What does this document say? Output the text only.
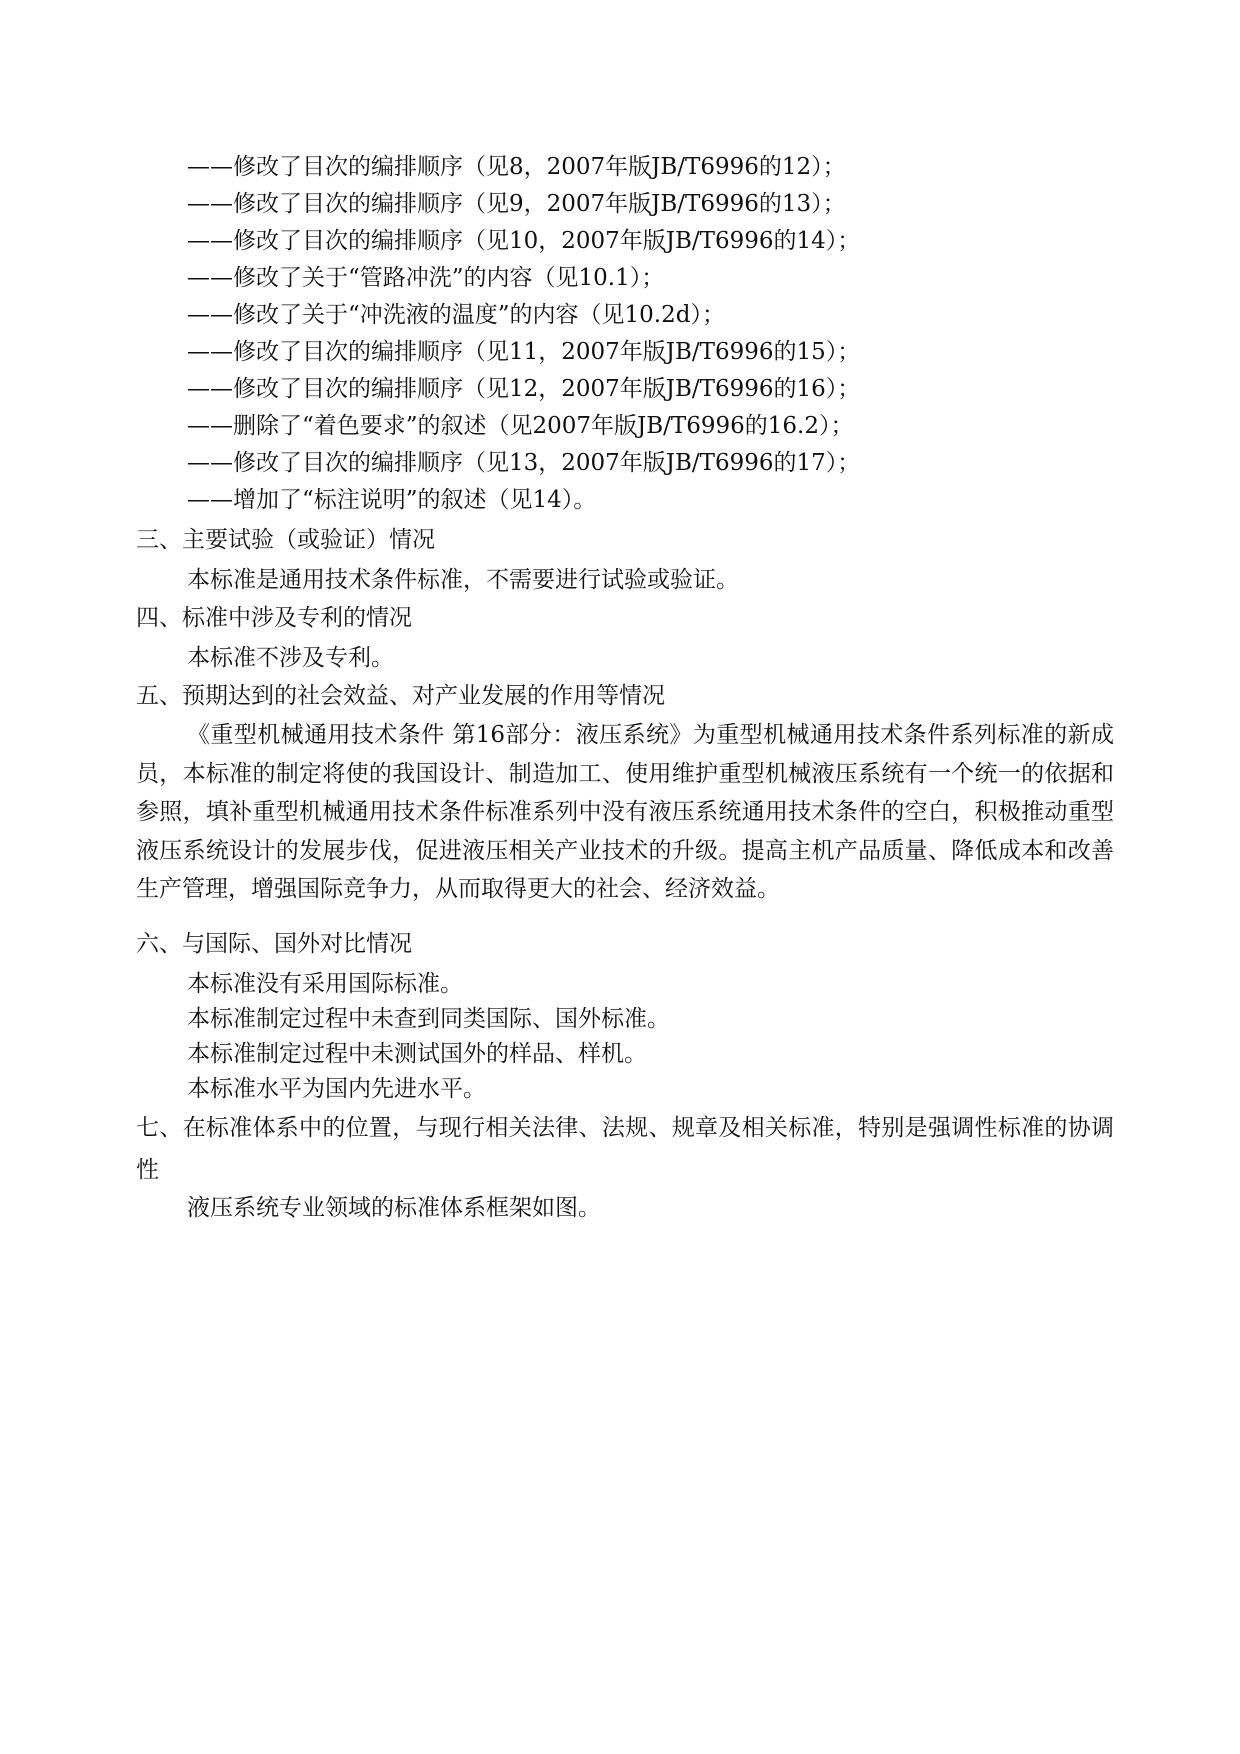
——修改了目次的编排顺序（见8，2007年版JB/T6996的12）；
——修改了目次的编排顺序（见9，2007年版JB/T6996的13）；
——修改了目次的编排顺序（见10，2007年版JB/T6996的14）；
——修改了关于“管路冲洗”的内容（见10.1）；
——修改了关于“冲洗液的温度”的内容（见10.2d）；
——修改了目次的编排顺序（见11，2007年版JB/T6996的15）；
——修改了目次的编排顺序（见12，2007年版JB/T6996的16）；
——删除了“着色要求”的叙述（见2007年版JB/T6996的16.2）；
——修改了目次的编排顺序（见13，2007年版JB/T6996的17）；
——增加了“标注说明”的叙述（见14）。
三、主要试验（或验证）情况
本标准是通用技术条件标准，不需要进行试验或验证。
四、标准中涉及专利的情况
本标准不涉及专利。
五、预期达到的社会效益、对产业发展的作用等情况
《重型机械通用技术条件 第16部分：液压系统》为重型机械通用技术条件系列标准的新成员，本标准的制定将使的我国设计、制造加工、使用维护重型机械液压系统有一个统一的依据和参照，填补重型机械通用技术条件标准系列中没有液压系统通用技术条件的空白，积极推动重型液压系统设计的发展步伐，促进液压相关产业技术的升级。提高主机产品质量、降低成本和改善生产管理，增强国际竞争力，从而取得更大的社会、经济效益。
六、与国际、国外对比情况
本标准没有采用国际标准。
本标准制定过程中未查到同类国际、国外标准。
本标准制定过程中未测试国外的样品、样机。
本标准水平为国内先进水平。
七、在标准体系中的位置，与现行相关法律、法规、规章及相关标准，特别是强调性标准的协调性
液压系统专业领域的标准体系框架如图。
